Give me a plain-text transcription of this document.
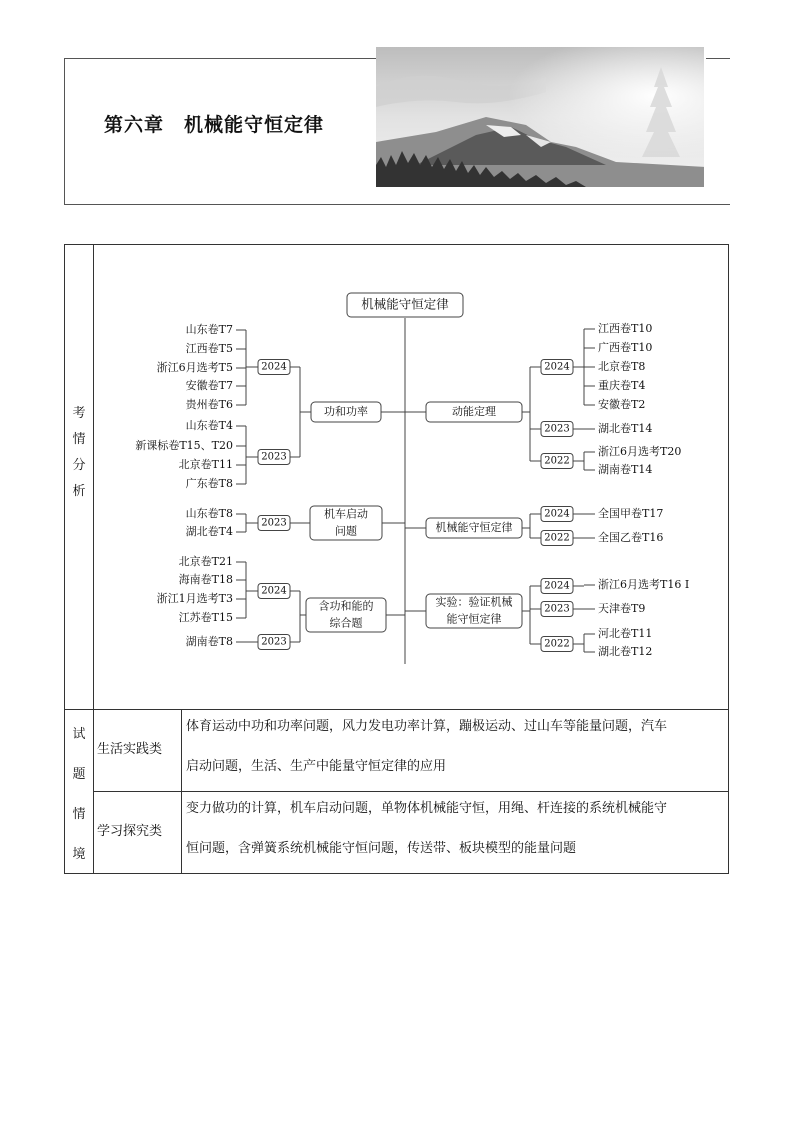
第六章　机械能守恒定律
考
情
分
析
试
题
情
境
生活实践类
学习探究类
体育运动中功和功率问题，风力发电功率计算，蹦极运动、过山车等能量问题，汽车
启动问题，生活、生产中能量守恒定律的应用
变力做功的计算，机车启动问题，单物体机械能守恒，用绳、杆连接的系统机械能守
恒问题，含弹簧系统机械能守恒问题，传送带、板块模型的能量问题
机械能守恒定律
山东卷T7
江西卷T5
浙江6月选考T5
安徽卷T7
贵州卷T6
2024
山东卷T4
新课标卷T15、T20
北京卷T11
广东卷T8
2023
功和功率
山东卷T8
湖北卷T4
2023
机车启动
问题
北京卷T21
海南卷T18
浙江1月选考T3
江苏卷T15
2024
湖南卷T8	2023
含功和能的
综合题
江西卷T10
广西卷T10
北京卷T8
重庆卷T4
安徽卷T2
2024
湖北卷T14
2023
浙江6月选考T20
湖南卷T14
2022
动能定理
全国甲卷T17
2024
全国乙卷T16
2022
机械能守恒定律
浙江6月选考T16 Ⅰ
2024
天津卷T9
2023
河北卷T11
湖北卷T12
2022
实验：验证机械
能守恒定律
